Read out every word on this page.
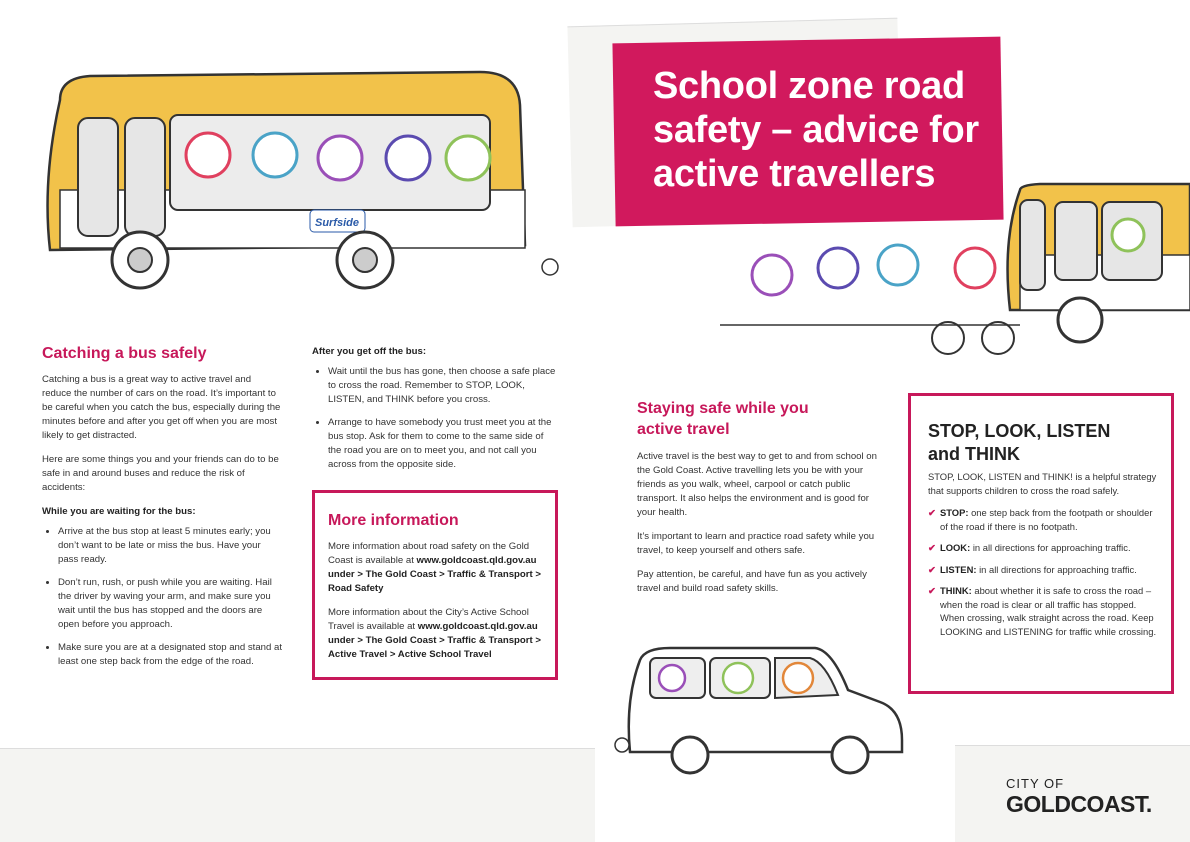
Surfside
Catching a bus safely

Catching a bus is a great way to active travel and reduce the number of cars on the road. It’s important to be careful when you catch the bus, especially during the minutes before and after you get off when you are most likely to get distracted.

Here are some things you and your friends can do to be safe in and around buses and reduce the risk of accidents:

While you are waiting for the bus:

• Arrive at the bus stop at least 5 minutes early; you don’t want to be late or miss the bus. Have your pass ready.
• Don’t run, rush, or push while you are waiting. Hail the driver by waving your arm, and make sure you wait until the bus has stopped and the doors are open before you approach.
• Make sure you are at a designated stop and stand at least one step back from the edge of the road.

After you get off the bus:

• Wait until the bus has gone, then choose a safe place to cross the road. Remember to STOP, LOOK, LISTEN, and THINK before you cross.
• Arrange to have somebody you trust meet you at the bus stop. Ask for them to come to the same side of the road you are on to meet you, and not call you across from the opposite side.
More information

More information about road safety on the Gold Coast is available at www.goldcoast.qld.gov.au under > The Gold Coast > Traffic & Transport > Road Safety

More information about the City’s Active School Travel is available at www.goldcoast.qld.gov.au under > The Gold Coast > Traffic & Transport > Active Travel > Active School Travel

School zone road safety – advice for active travellers
Staying safe while you
active travel

Active travel is the best way to get to and from school on the Gold Coast. Active travelling lets you be with your friends as you walk, wheel, carpool or catch public transport. It also helps the environment and is good for your health.

It’s important to learn and practice road safety while you travel, to keep yourself and others safe.

Pay attention, be careful, and have fun as you actively travel and build road safety skills.

STOP, LOOK, LISTEN
and THINK

STOP, LOOK, LISTEN and THINK! is a helpful strategy that supports children to cross the road safely.

✔ STOP: one step back from the footpath or shoulder of the road if there is no footpath.
✔ LOOK: in all directions for approaching traffic.
✔ LISTEN: in all directions for approaching traffic.
✔ THINK: about whether it is safe to cross the road – when the road is clear or all traffic has stopped. When crossing, walk straight across the road. Keep LOOKING and LISTENING for traffic while crossing.
CITY OF
GOLDCOAST.
